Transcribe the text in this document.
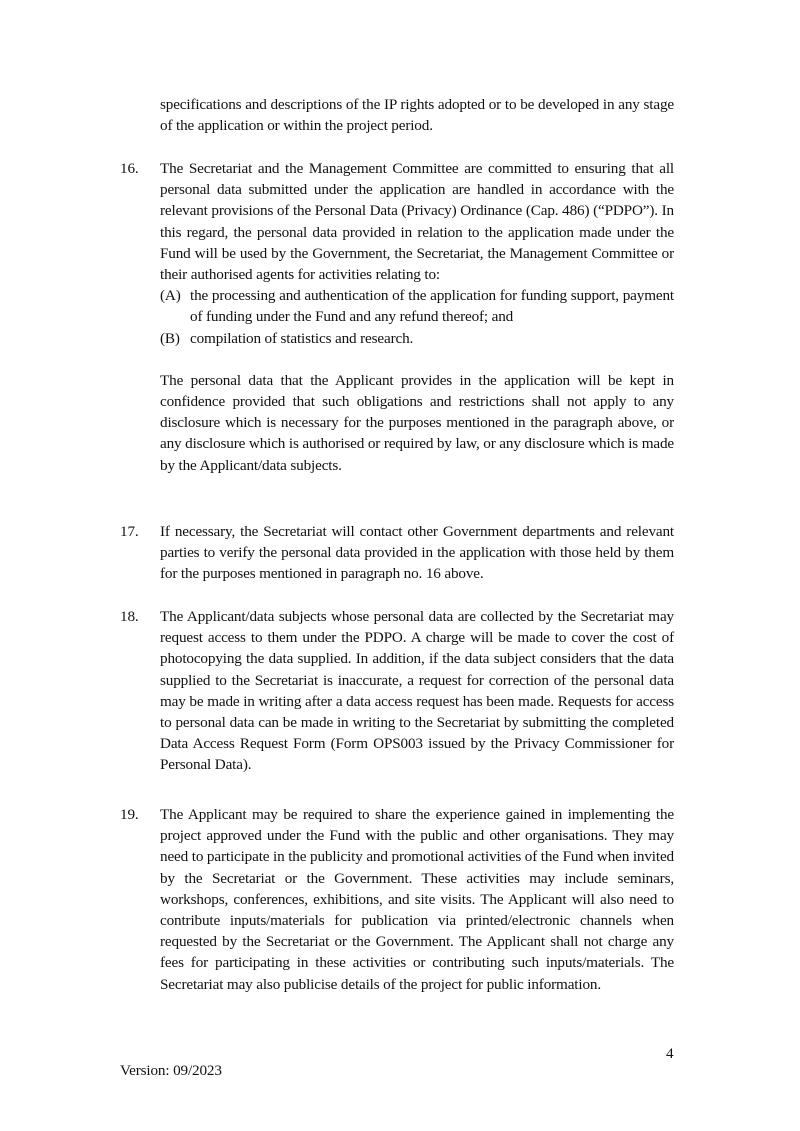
specifications and descriptions of the IP rights adopted or to be developed in any stage of the application or within the project period.
16.	The Secretariat and the Management Committee are committed to ensuring that all personal data submitted under the application are handled in accordance with the relevant provisions of the Personal Data (Privacy) Ordinance (Cap. 486) (“PDPO”). In this regard, the personal data provided in relation to the application made under the Fund will be used by the Government, the Secretariat, the Management Committee or their authorised agents for activities relating to:
(A) the processing and authentication of the application for funding support, payment of funding under the Fund and any refund thereof; and
(B) compilation of statistics and research.
The personal data that the Applicant provides in the application will be kept in confidence provided that such obligations and restrictions shall not apply to any disclosure which is necessary for the purposes mentioned in the paragraph above, or any disclosure which is authorised or required by law, or any disclosure which is made by the Applicant/data subjects.
17.	If necessary, the Secretariat will contact other Government departments and relevant parties to verify the personal data provided in the application with those held by them for the purposes mentioned in paragraph no. 16 above.
18.	The Applicant/data subjects whose personal data are collected by the Secretariat may request access to them under the PDPO. A charge will be made to cover the cost of photocopying the data supplied. In addition, if the data subject considers that the data supplied to the Secretariat is inaccurate, a request for correction of the personal data may be made in writing after a data access request has been made. Requests for access to personal data can be made in writing to the Secretariat by submitting the completed Data Access Request Form (Form OPS003 issued by the Privacy Commissioner for Personal Data).
19.	The Applicant may be required to share the experience gained in implementing the project approved under the Fund with the public and other organisations. They may need to participate in the publicity and promotional activities of the Fund when invited by the Secretariat or the Government. These activities may include seminars, workshops, conferences, exhibitions, and site visits. The Applicant will also need to contribute inputs/materials for publication via printed/electronic channels when requested by the Secretariat or the Government. The Applicant shall not charge any fees for participating in these activities or contributing such inputs/materials. The Secretariat may also publicise details of the project for public information.
4
Version: 09/2023
